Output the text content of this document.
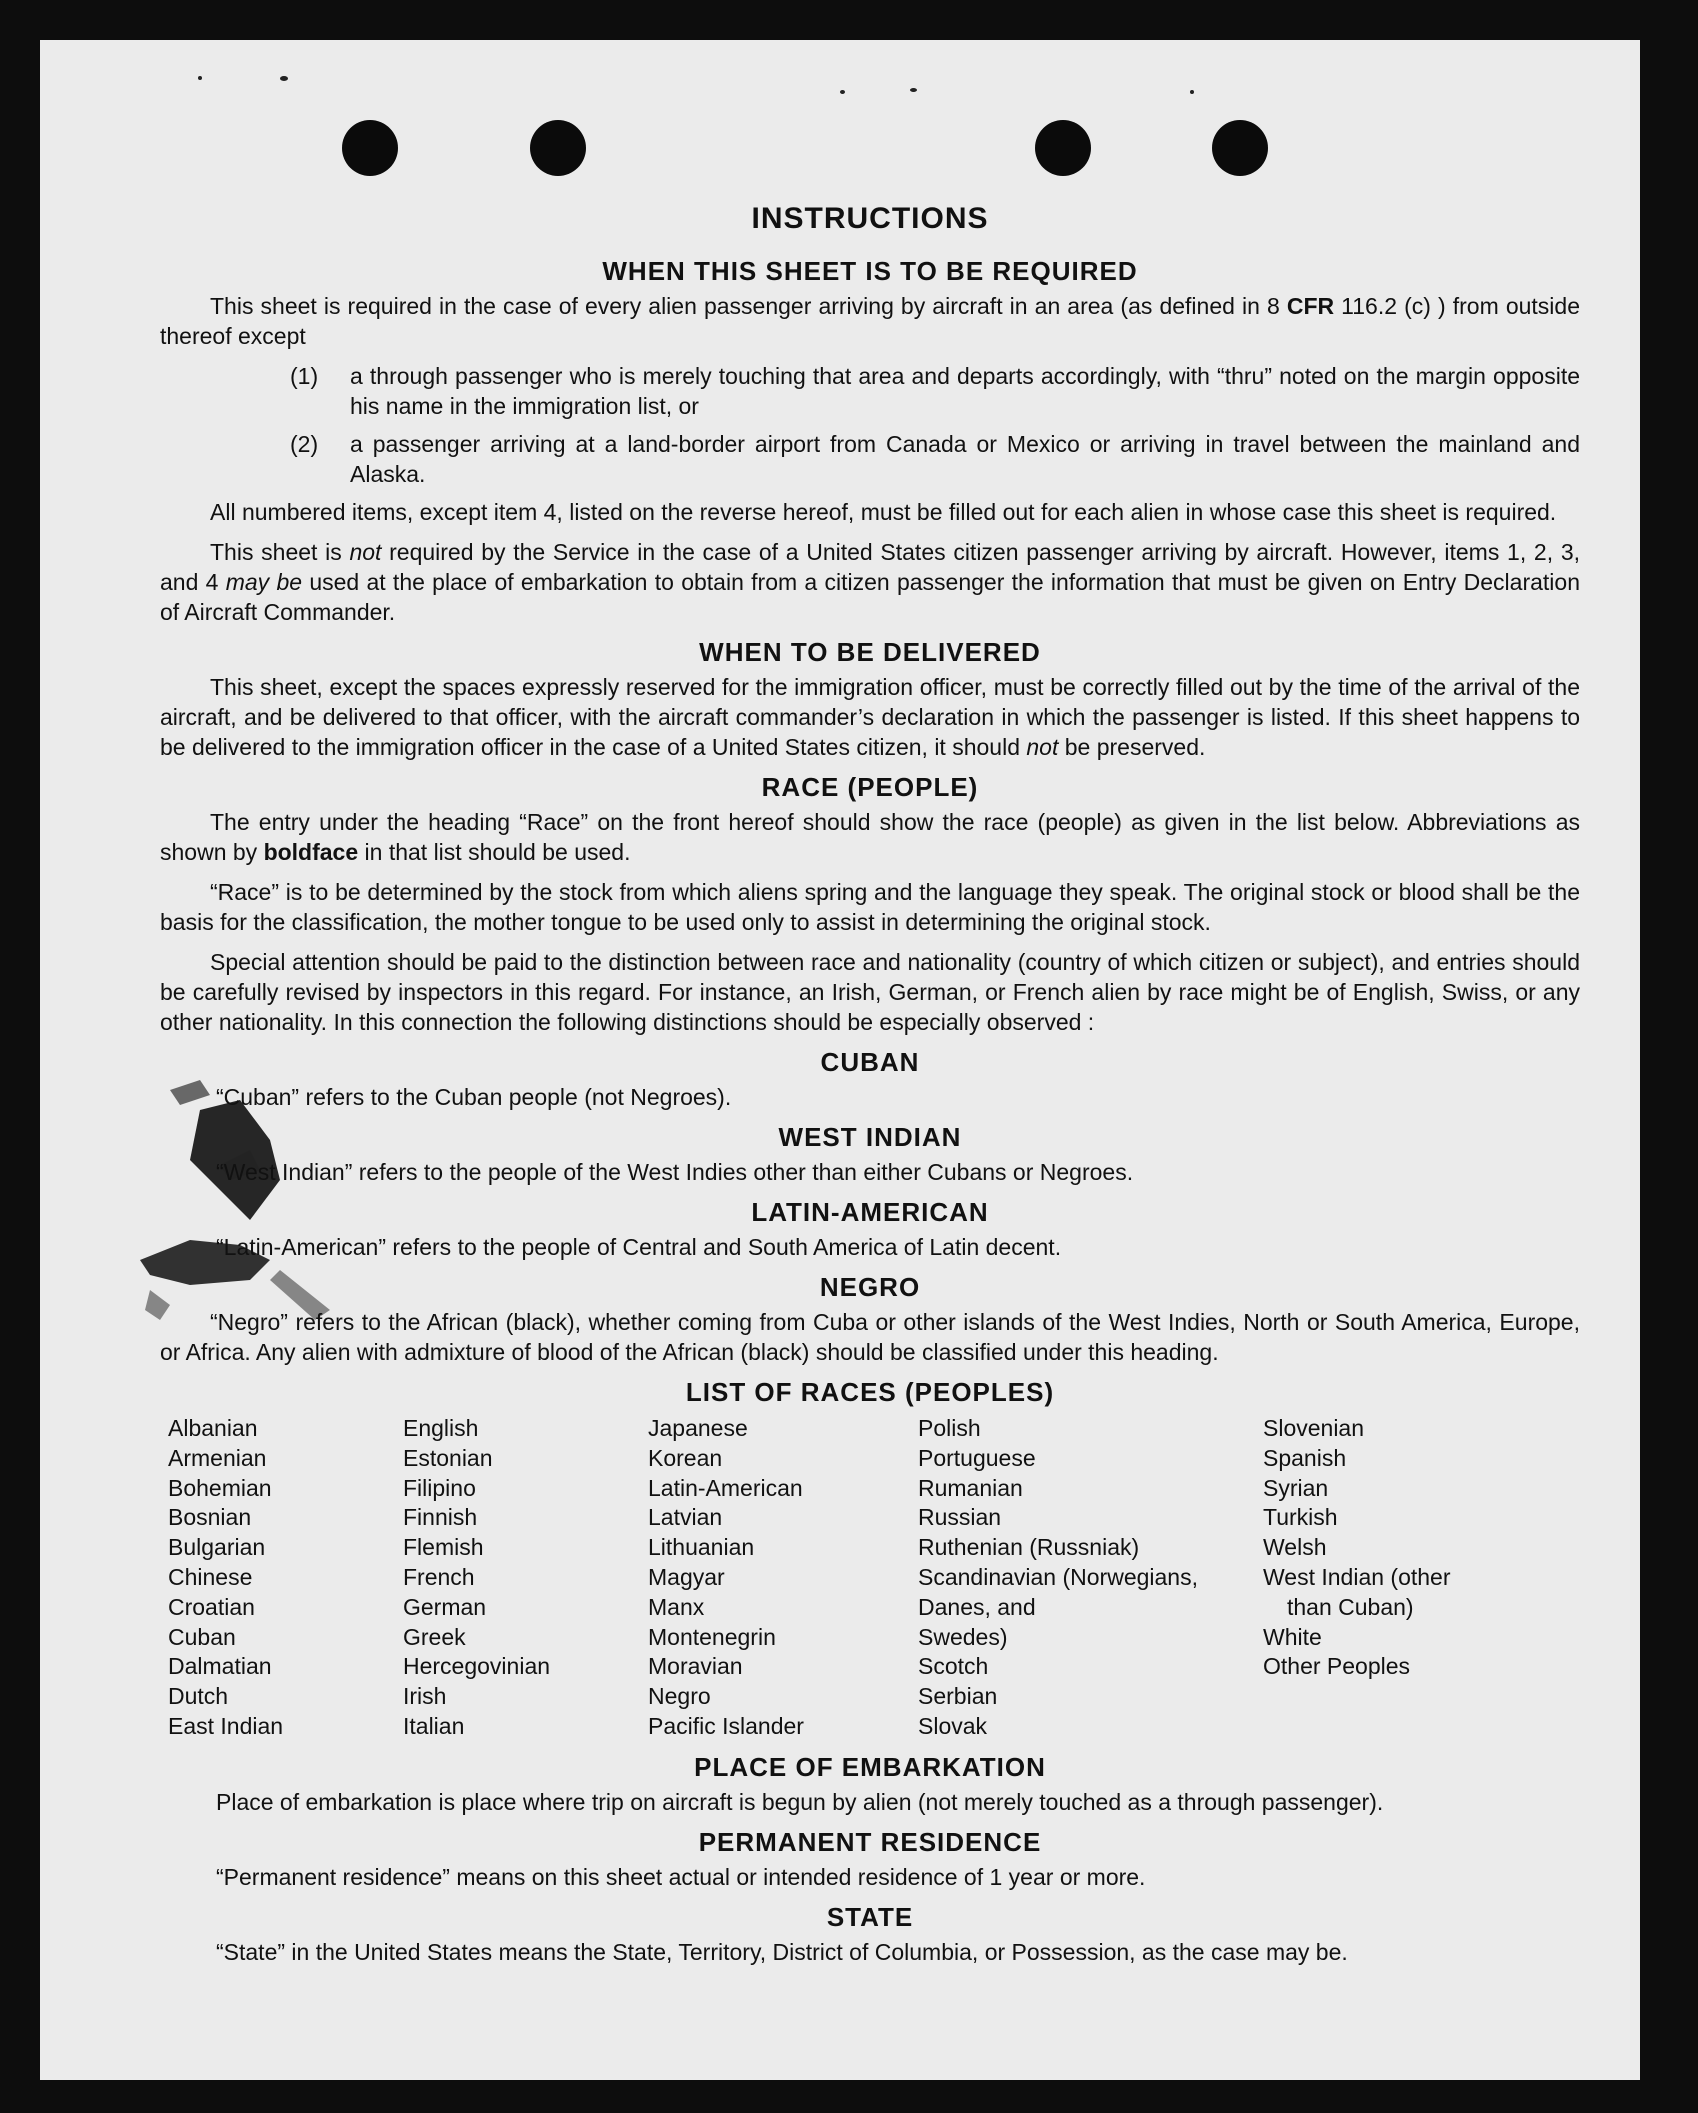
INSTRUCTIONS
WHEN THIS SHEET IS TO BE REQUIRED
This sheet is required in the case of every alien passenger arriving by aircraft in an area (as defined in 8 CFR 116.2 (c) ) from outside thereof except
(1)	a through passenger who is merely touching that area and departs accordingly, with “thru” noted on the margin opposite his name in the immigration list, or
(2)	a passenger arriving at a land-border airport from Canada or Mexico or arriving in travel between the mainland and Alaska.
All numbered items, except item 4, listed on the reverse hereof, must be filled out for each alien in whose case this sheet is required.
This sheet is not required by the Service in the case of a United States citizen passenger arriving by aircraft. However, items 1, 2, 3, and 4 may be used at the place of embarkation to obtain from a citizen passenger the information that must be given on Entry Declaration of Aircraft Commander.
WHEN TO BE DELIVERED
This sheet, except the spaces expressly reserved for the immigration officer, must be correctly filled out by the time of the arrival of the aircraft, and be delivered to that officer, with the aircraft commander’s declaration in which the passenger is listed. If this sheet happens to be delivered to the immigration officer in the case of a United States citizen, it should not be preserved.
RACE (PEOPLE)
The entry under the heading “Race” on the front hereof should show the race (people) as given in the list below. Abbreviations as shown by boldface in that list should be used.
“Race” is to be determined by the stock from which aliens spring and the language they speak. The original stock or blood shall be the basis for the classification, the mother tongue to be used only to assist in determining the original stock.
Special attention should be paid to the distinction between race and nationality (country of which citizen or subject), and entries should be carefully revised by inspectors in this regard. For instance, an Irish, German, or French alien by race might be of English, Swiss, or any other nationality. In this connection the following distinctions should be especially observed :
CUBAN
“Cuban” refers to the Cuban people (not Negroes).
WEST INDIAN
“West Indian” refers to the people of the West Indies other than either Cubans or Negroes.
LATIN-AMERICAN
“Latin-American” refers to the people of Central and South America of Latin decent.
NEGRO
“Negro” refers to the African (black), whether coming from Cuba or other islands of the West Indies, North or South America, Europe, or Africa. Any alien with admixture of blood of the African (black) should be classified under this heading.
LIST OF RACES (PEOPLES)
Albanian
Armenian
Bohemian
Bosnian
Bulgarian
Chinese
Croatian
Cuban
Dalmatian
Dutch
East Indian
English
Estonian
Filipino
Finnish
Flemish
French
German
Greek
Hercegovinian
Irish
Italian
Japanese
Korean
Latin-American
Latvian
Lithuanian
Magyar
Manx
Montenegrin
Moravian
Negro
Pacific Islander
Polish
Portuguese
Rumanian
Russian
Ruthenian (Russniak)
Scandinavian (Norwegians,
Danes, and
Swedes)
Scotch
Serbian
Slovak
Slovenian
Spanish
Syrian
Turkish
Welsh
West Indian (other
than Cuban)
White
Other Peoples
PLACE OF EMBARKATION
Place of embarkation is place where trip on aircraft is begun by alien (not merely touched as a through passenger).
PERMANENT RESIDENCE
“Permanent residence” means on this sheet actual or intended residence of 1 year or more.
STATE
“State” in the United States means the State, Territory, District of Columbia, or Possession, as the case may be.
